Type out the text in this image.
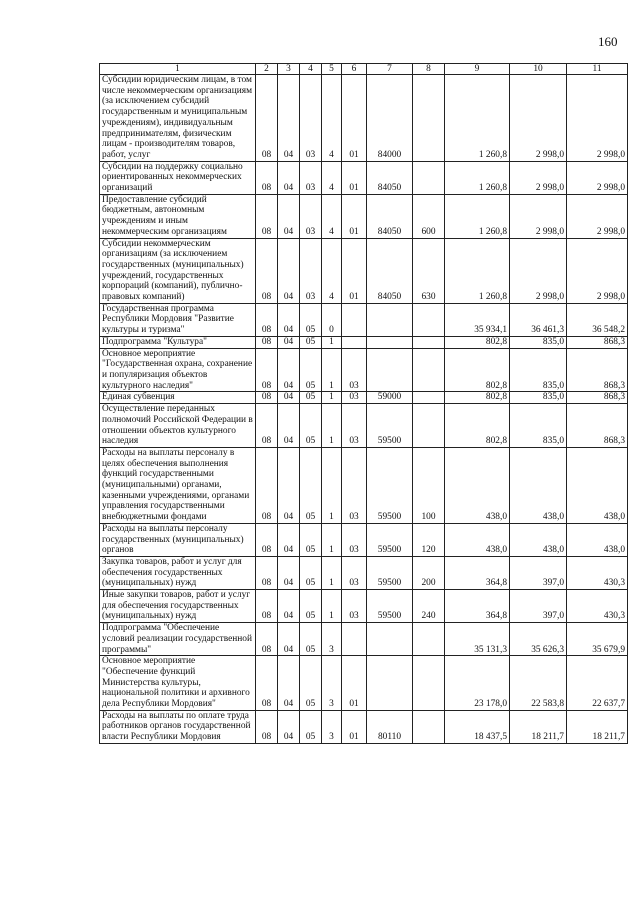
160
1	2	3	4	5	6	7	8	9	10	11
Субсидии юридическим лицам, в том числе некоммерческим организациям (за исключением субсидий государственным и муниципальным учреждениям), индивидуальным предпринимателям, физическим лицам - производителям товаров, работ, услуг	08	04	03	4	01	84000		1 260,8	2 998,0	2 998,0
Субсидии на поддержку социально ориентированных некоммерческих организаций	08	04	03	4	01	84050		1 260,8	2 998,0	2 998,0
Предоставление субсидий бюджетным, автономным учреждениям и иным некоммерческим организациям	08	04	03	4	01	84050	600	1 260,8	2 998,0	2 998,0
Субсидии некоммерческим организациям (за исключением государственных (муниципальных) учреждений, государственных корпораций (компаний), публично-правовых компаний)	08	04	03	4	01	84050	630	1 260,8	2 998,0	2 998,0
Государственная программа Республики Мордовия "Развитие культуры и туризма"	08	04	05	0				35 934,1	36 461,3	36 548,2
Подпрограмма "Культура"	08	04	05	1				802,8	835,0	868,3
Основное мероприятие "Государственная охрана, сохранение и популяризация объектов культурного наследия"	08	04	05	1	03			802,8	835,0	868,3
Единая субвенция	08	04	05	1	03	59000		802,8	835,0	868,3
Осуществление переданных полномочий Российской Федерации в отношении объектов культурного наследия	08	04	05	1	03	59500		802,8	835,0	868,3
Расходы на выплаты персоналу в целях обеспечения выполнения функций государственными (муниципальными) органами, казенными учреждениями, органами управления государственными внебюджетными фондами	08	04	05	1	03	59500	100	438,0	438,0	438,0
Расходы на выплаты персоналу государственных (муниципальных) органов	08	04	05	1	03	59500	120	438,0	438,0	438,0
Закупка товаров, работ и услуг для обеспечения государственных (муниципальных) нужд	08	04	05	1	03	59500	200	364,8	397,0	430,3
Иные закупки товаров, работ и услуг для обеспечения государственных (муниципальных) нужд	08	04	05	1	03	59500	240	364,8	397,0	430,3
Подпрограмма "Обеспечение условий реализации государственной программы"	08	04	05	3				35 131,3	35 626,3	35 679,9
Основное мероприятие "Обеспечение функций Министерства культуры, национальной политики и архивного дела Республики Мордовия"	08	04	05	3	01			23 178,0	22 583,8	22 637,7
Расходы на выплаты по оплате труда работников органов государственной власти Республики Мордовия	08	04	05	3	01	80110		18 437,5	18 211,7	18 211,7
